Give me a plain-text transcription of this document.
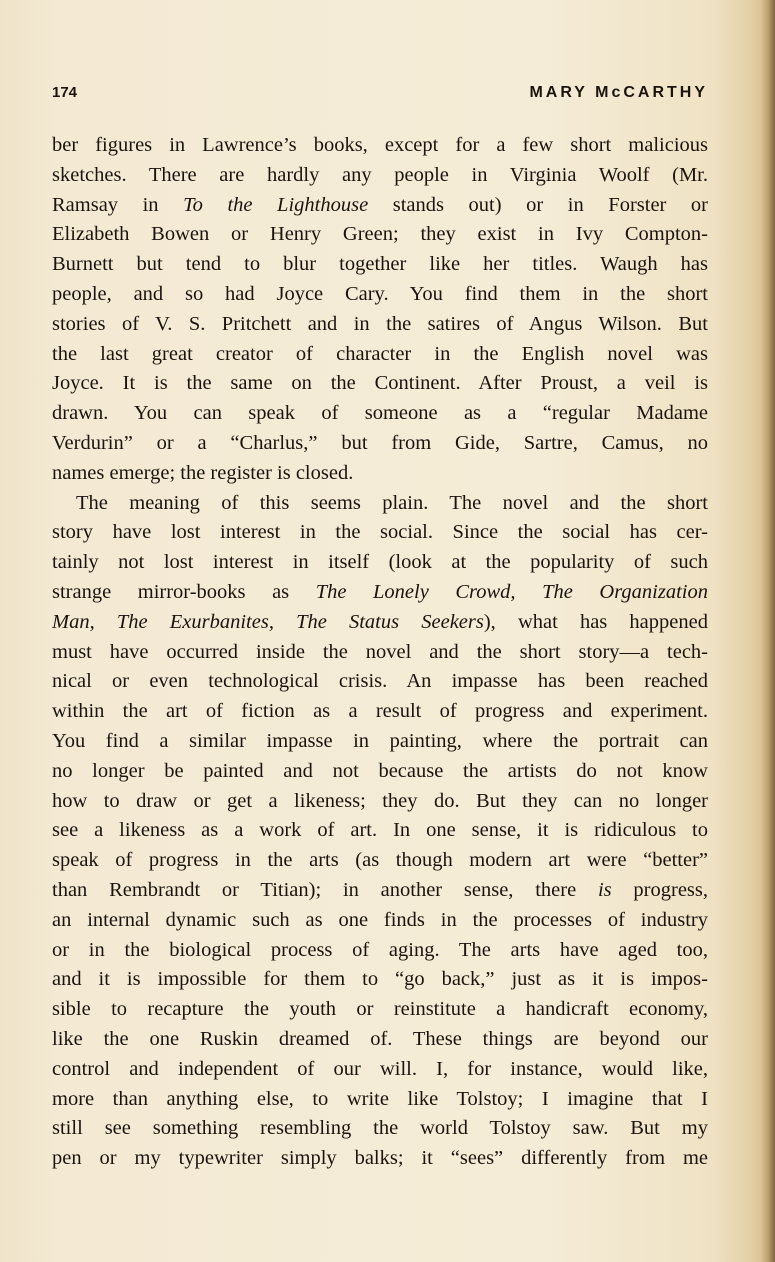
174	MARY McCARTHY
ber figures in Lawrence’s books, except for a few short malicious
sketches. There are hardly any people in Virginia Woolf (Mr.
Ramsay in To the Lighthouse stands out) or in Forster or
Elizabeth Bowen or Henry Green; they exist in Ivy Compton-
Burnett but tend to blur together like her titles. Waugh has
people, and so had Joyce Cary. You find them in the short
stories of V. S. Pritchett and in the satires of Angus Wilson. But
the last great creator of character in the English novel was
Joyce. It is the same on the Continent. After Proust, a veil is
drawn. You can speak of someone as a “regular Madame
Verdurin” or a “Charlus,” but from Gide, Sartre, Camus, no
names emerge; the register is closed.
The meaning of this seems plain. The novel and the short
story have lost interest in the social. Since the social has cer-
tainly not lost interest in itself (look at the popularity of such
strange mirror-books as The Lonely Crowd, The Organization
Man, The Exurbanites, The Status Seekers), what has happened
must have occurred inside the novel and the short story—a tech-
nical or even technological crisis. An impasse has been reached
within the art of fiction as a result of progress and experiment.
You find a similar impasse in painting, where the portrait can
no longer be painted and not because the artists do not know
how to draw or get a likeness; they do. But they can no longer
see a likeness as a work of art. In one sense, it is ridiculous to
speak of progress in the arts (as though modern art were “better”
than Rembrandt or Titian); in another sense, there is progress,
an internal dynamic such as one finds in the processes of industry
or in the biological process of aging. The arts have aged too,
and it is impossible for them to “go back,” just as it is impos-
sible to recapture the youth or reinstitute a handicraft economy,
like the one Ruskin dreamed of. These things are beyond our
control and independent of our will. I, for instance, would like,
more than anything else, to write like Tolstoy; I imagine that I
still see something resembling the world Tolstoy saw. But my
pen or my typewriter simply balks; it “sees” differently from me
